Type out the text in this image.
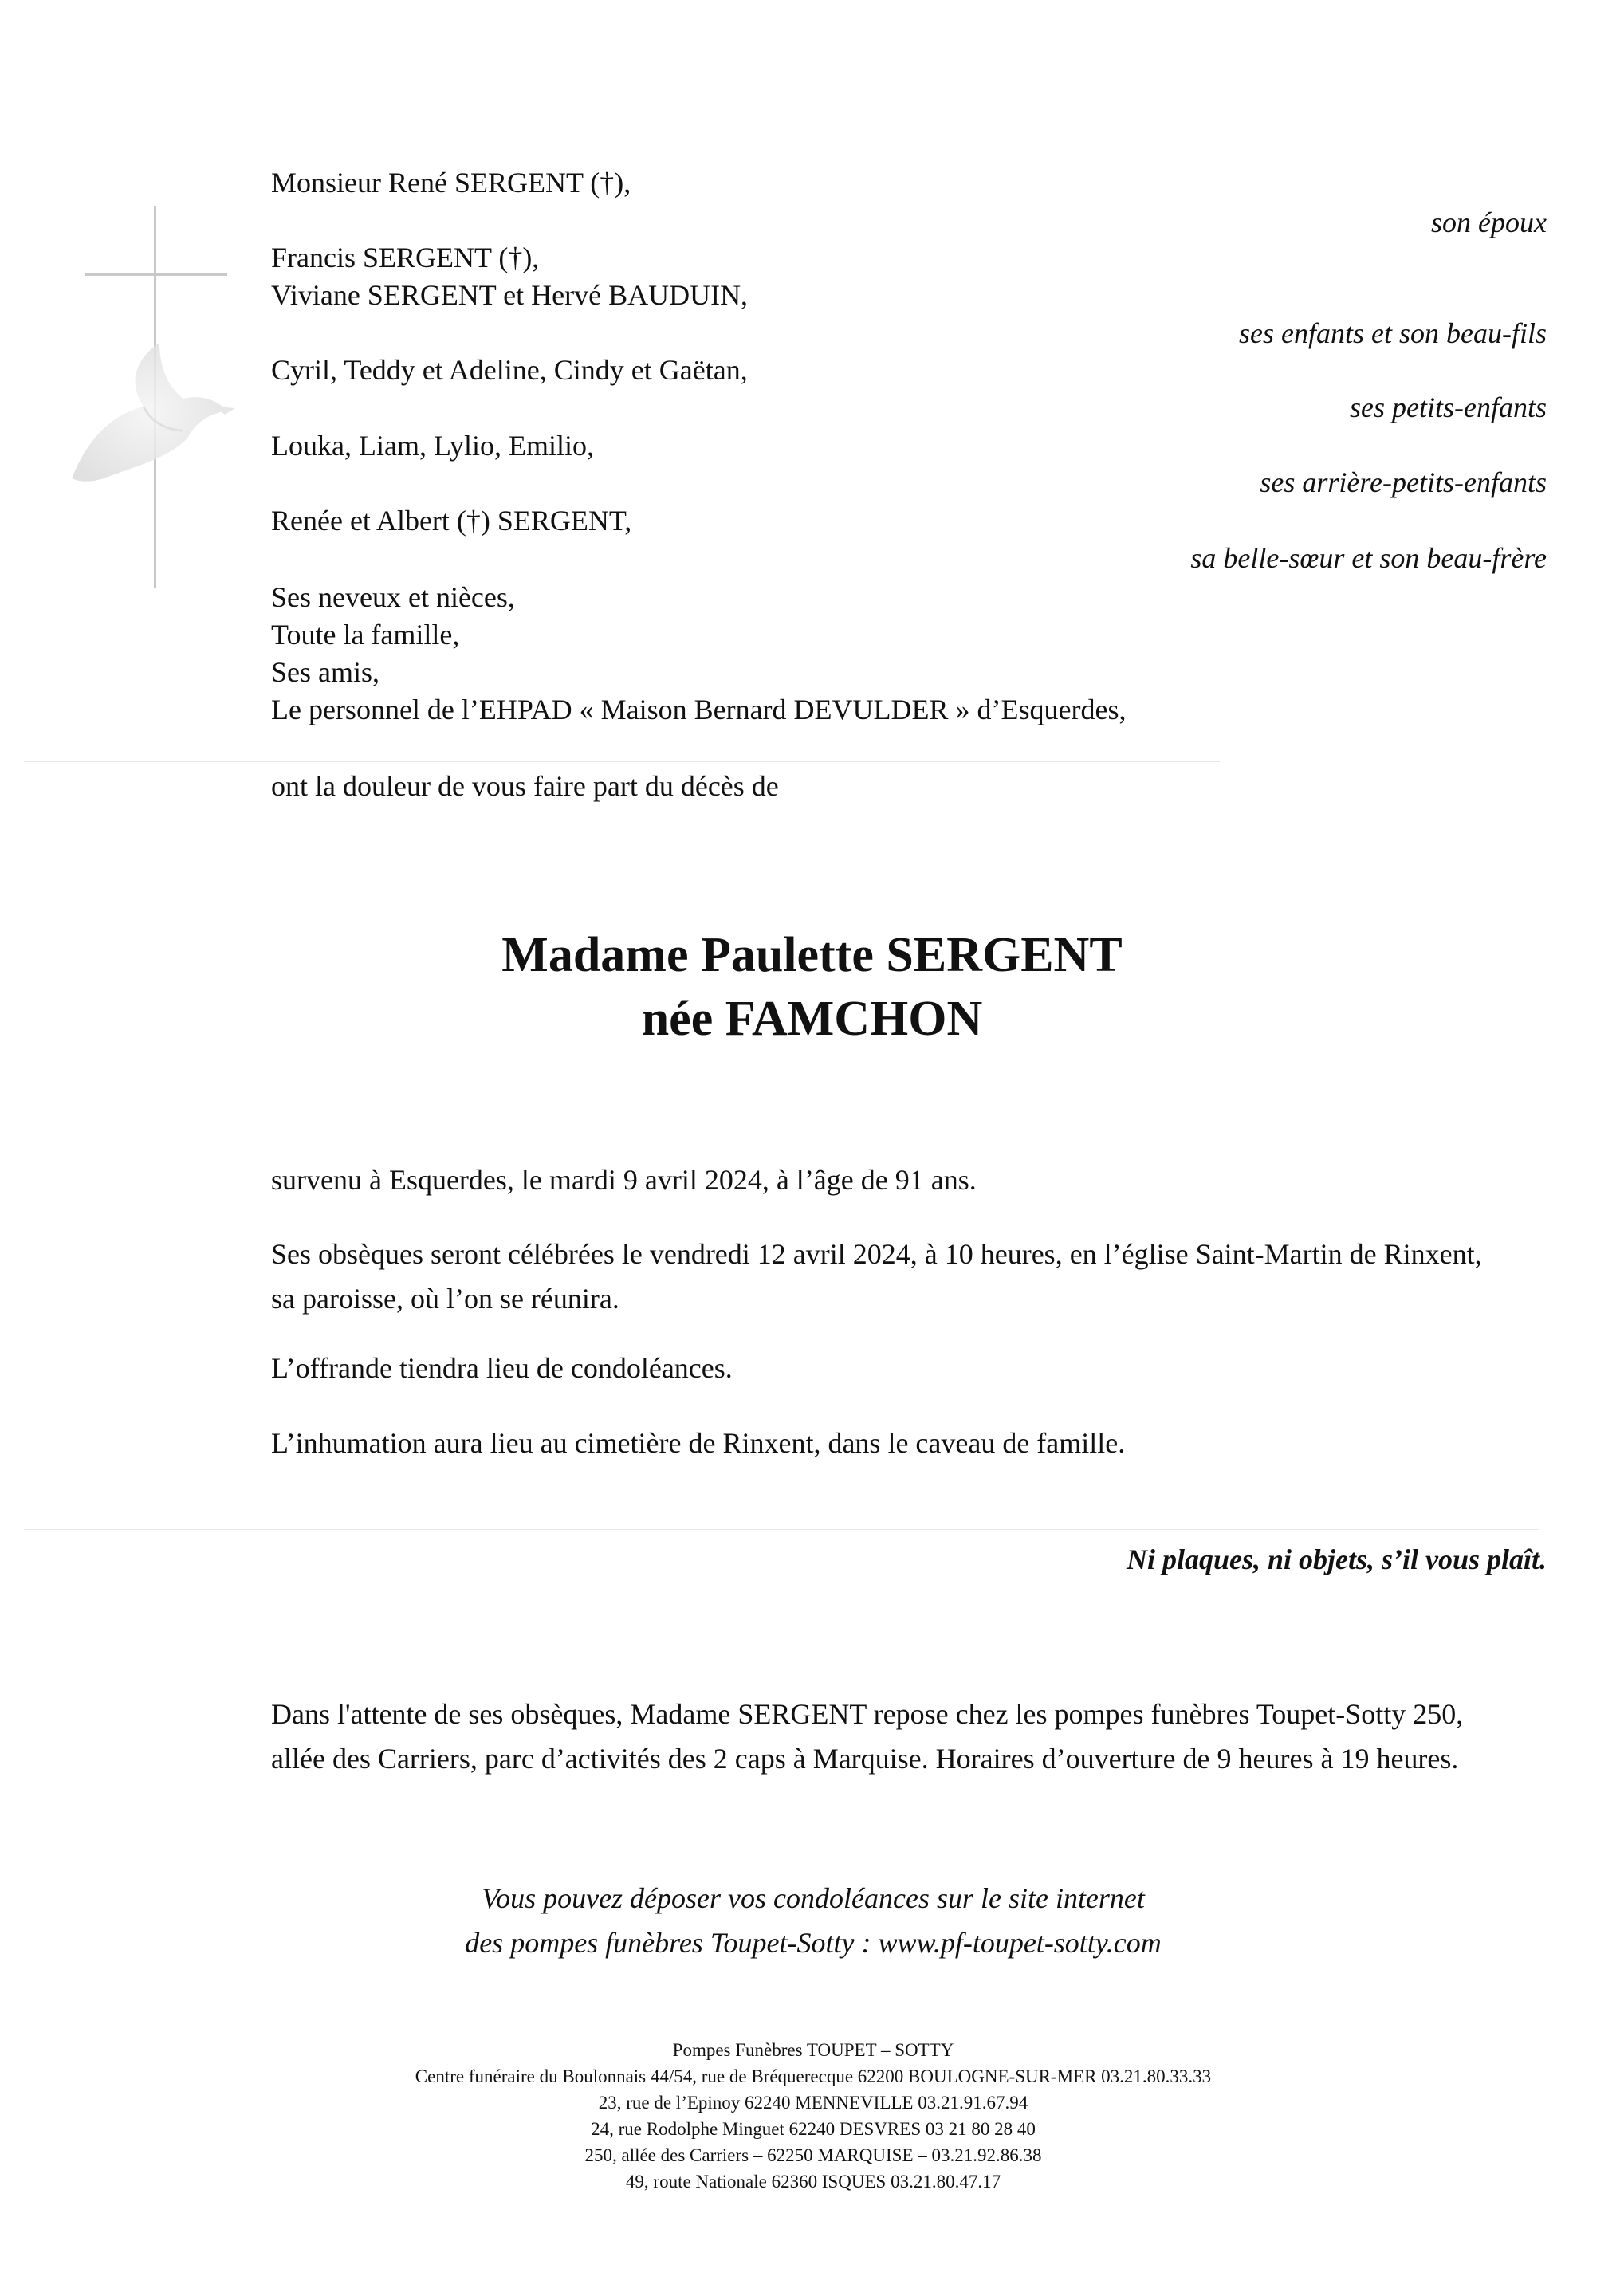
Monsieur René SERGENT (†),
Francis SERGENT (†),
Viviane SERGENT et Hervé BAUDUIN,
Cyril, Teddy et Adeline, Cindy et Gaëtan,
Louka, Liam, Lylio, Emilio,
Renée et Albert (†) SERGENT,
Ses neveux et nièces,
Toute la famille,
Ses amis,
Le personnel de l’EHPAD « Maison Bernard DEVULDER » d’Esquerdes,
son époux
ses enfants et son beau-fils
ses petits-enfants
ses arrière-petits-enfants
sa belle-sœur et son beau-frère
ont la douleur de vous faire part du décès de
Madame Paulette SERGENT
née FAMCHON
survenu à Esquerdes, le mardi 9 avril 2024, à l’âge de 91 ans.
Ses obsèques seront célébrées le vendredi 12 avril 2024, à 10 heures, en l’église Saint-Martin de Rinxent, sa paroisse, où l’on se réunira.
L’offrande tiendra lieu de condoléances.
L’inhumation aura lieu au cimetière de Rinxent, dans le caveau de famille.
Ni plaques, ni objets, s’il vous plaît.
Dans l'attente de ses obsèques, Madame SERGENT repose chez les pompes funèbres Toupet-Sotty 250, allée des Carriers, parc d’activités des 2 caps à Marquise. Horaires d’ouverture de 9 heures à 19 heures.
Vous pouvez déposer vos condoléances sur le site internet
des pompes funèbres Toupet-Sotty : www.pf-toupet-sotty.com
Pompes Funèbres TOUPET – SOTTY
Centre funéraire du Boulonnais 44/54, rue de Bréquerecque 62200 BOULOGNE-SUR-MER 03.21.80.33.33
23, rue de l’Epinoy 62240 MENNEVILLE 03.21.91.67.94
24, rue Rodolphe Minguet 62240 DESVRES 03 21 80 28 40
250, allée des Carriers – 62250 MARQUISE – 03.21.92.86.38
49, route Nationale 62360 ISQUES 03.21.80.47.17
